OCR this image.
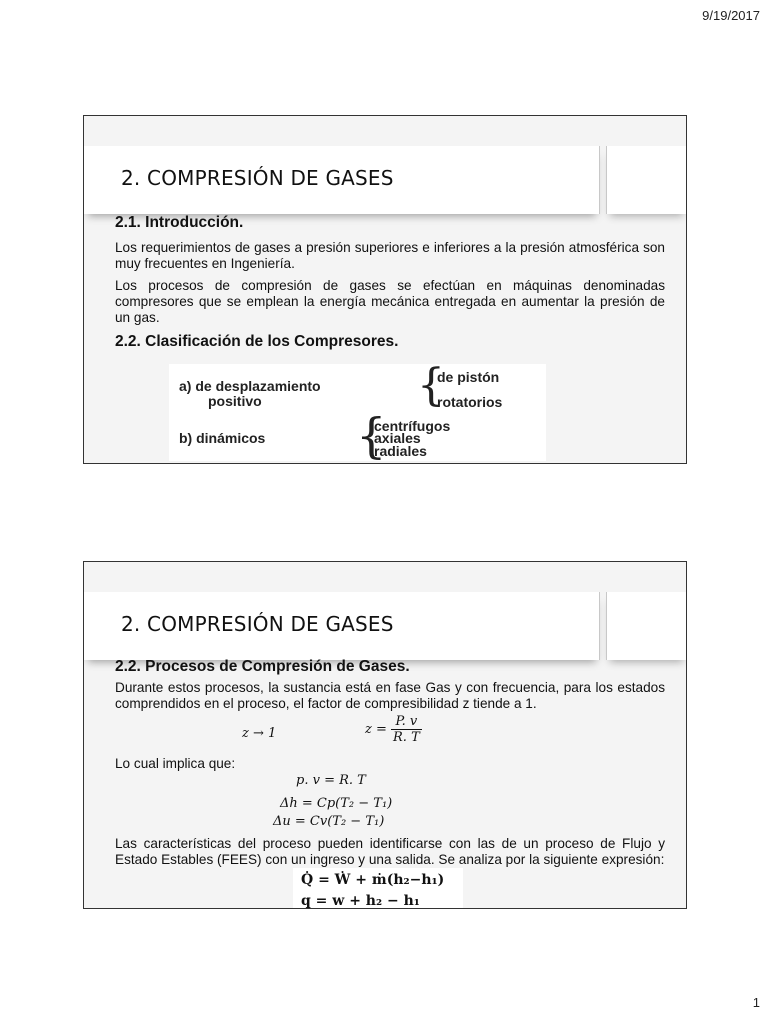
9/19/2017
2. COMPRESIÓN DE GASES

2.1. Introducción.

Los requerimientos de gases a presión superiores e inferiores a la presión atmosférica son muy frecuentes en Ingeniería.

Los procesos de compresión de gases se efectúan en máquinas denominadas compresores que se emplean la energía mecánica entregada en aumentar la presión de un gas.

2.2. Clasificación de los Compresores.

a) de desplazamiento
positivo	{
de pistón
rotatorios
b) dinámicos {
centrífugos
axiales
radiales
2. COMPRESIÓN DE GASES

2.2. Procesos de Compresión de Gases.

Durante estos procesos, la sustancia está en fase Gas y con frecuencia, para los estados comprendidos en el proceso, el factor de compresibilidad z tiende a 1.

z → 1	$z = \frac{P. v}{R. T}$

Lo cual implica que:

p. v = R. T
Δh = Cp(T₂ − T₁)
Δu = Cv(T₂ − T₁)

Las características del proceso pueden identificarse con las de un proceso de Flujo y Estado Estables (FEES) con un ingreso y una salida. Se analiza por la siguiente expresión:

Q̇ = Ẇ + ṁ(h₂−h₁)
q = w + h₂ − h₁
1
